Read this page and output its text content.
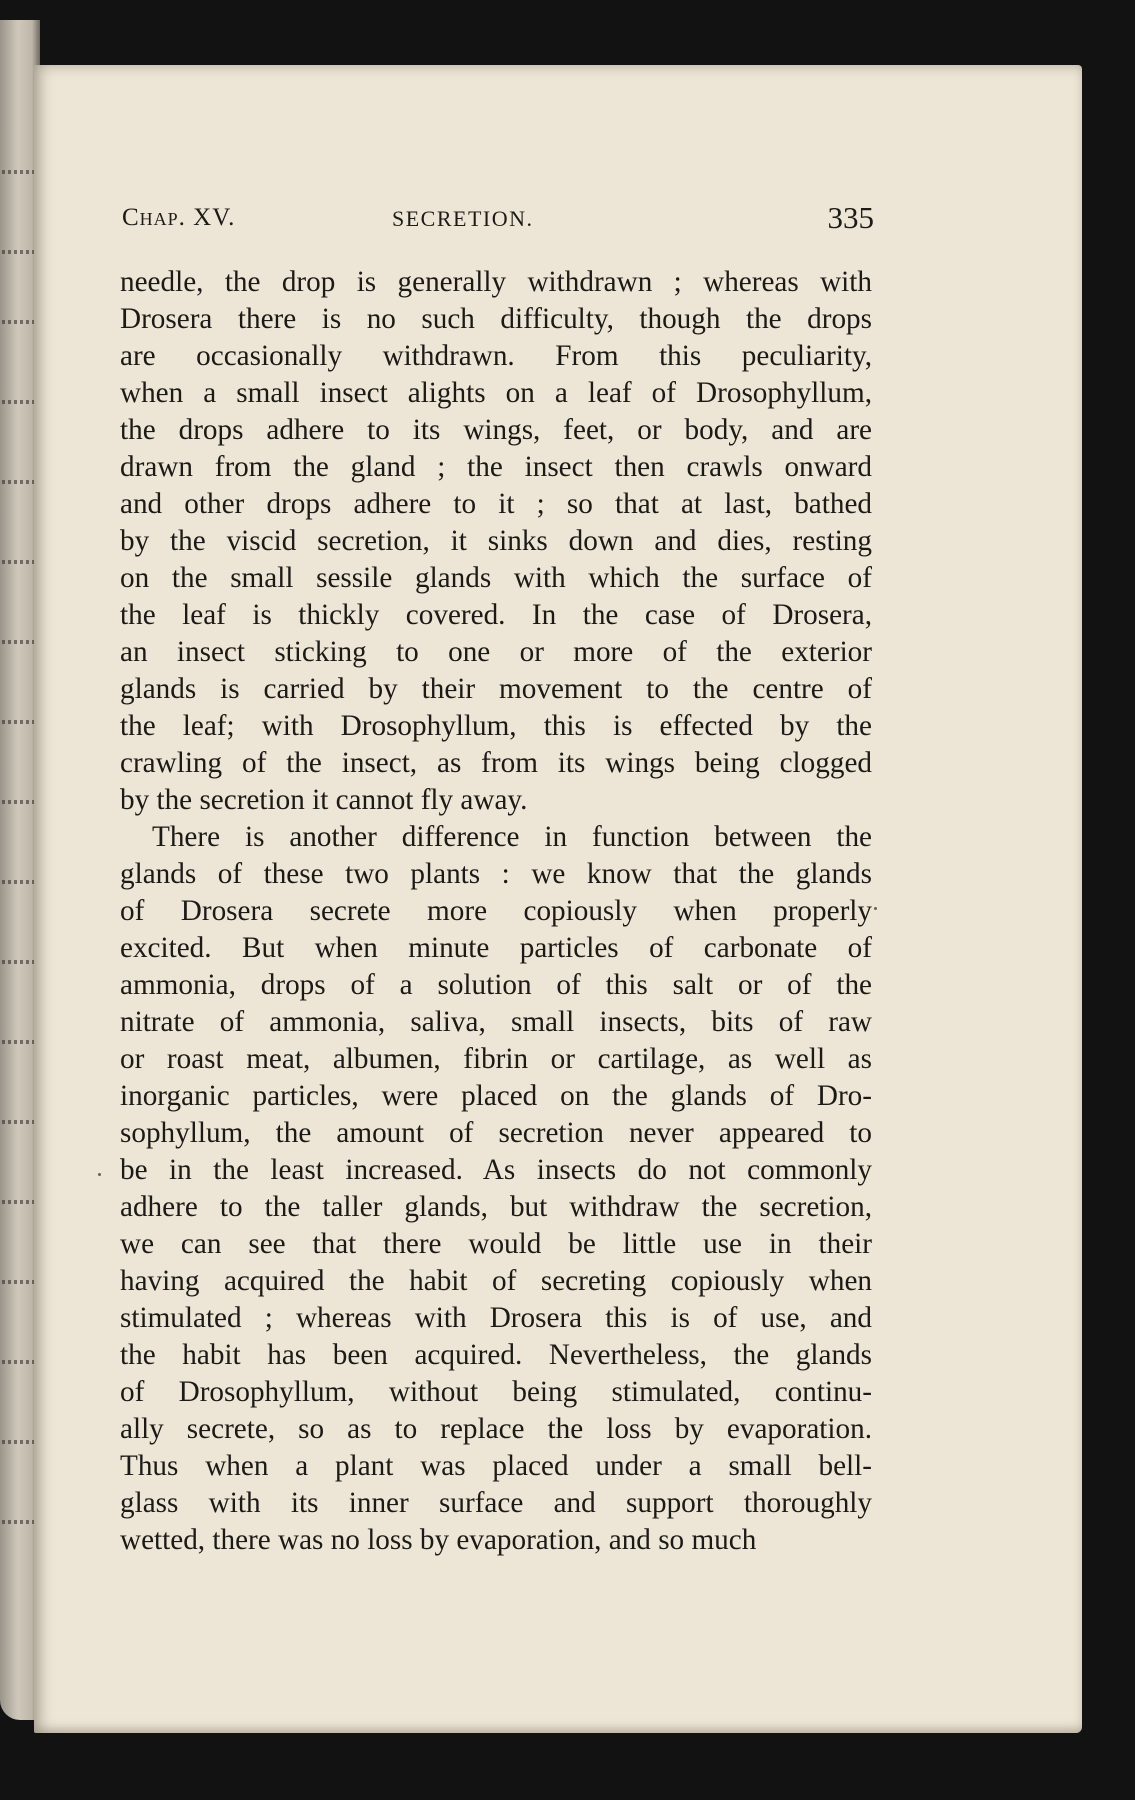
Chap. XV.	SECRETION.	335
needle, the drop is generally withdrawn ; whereas with
Drosera there is no such difficulty, though the drops
are occasionally withdrawn. From this peculiarity,
when a small insect alights on a leaf of Drosophyllum,
the drops adhere to its wings, feet, or body, and are
drawn from the gland ; the insect then crawls onward
and other drops adhere to it ; so that at last, bathed
by the viscid secretion, it sinks down and dies, resting
on the small sessile glands with which the surface of
the leaf is thickly covered. In the case of Drosera,
an insect sticking to one or more of the exterior
glands is carried by their movement to the centre of
the leaf; with Drosophyllum, this is effected by the
crawling of the insect, as from its wings being clogged
by the secretion it cannot fly away.
There is another difference in function between the
glands of these two plants : we know that the glands
of Drosera secrete more copiously when properly
excited. But when minute particles of carbonate of
ammonia, drops of a solution of this salt or of the
nitrate of ammonia, saliva, small insects, bits of raw
or roast meat, albumen, fibrin or cartilage, as well as
inorganic particles, were placed on the glands of Dro-
sophyllum, the amount of secretion never appeared to
be in the least increased. As insects do not commonly
adhere to the taller glands, but withdraw the secretion,
we can see that there would be little use in their
having acquired the habit of secreting copiously when
stimulated ; whereas with Drosera this is of use, and
the habit has been acquired. Nevertheless, the glands
of Drosophyllum, without being stimulated, continu-
ally secrete, so as to replace the loss by evaporation.
Thus when a plant was placed under a small bell-
glass with its inner surface and support thoroughly
wetted, there was no loss by evaporation, and so much
